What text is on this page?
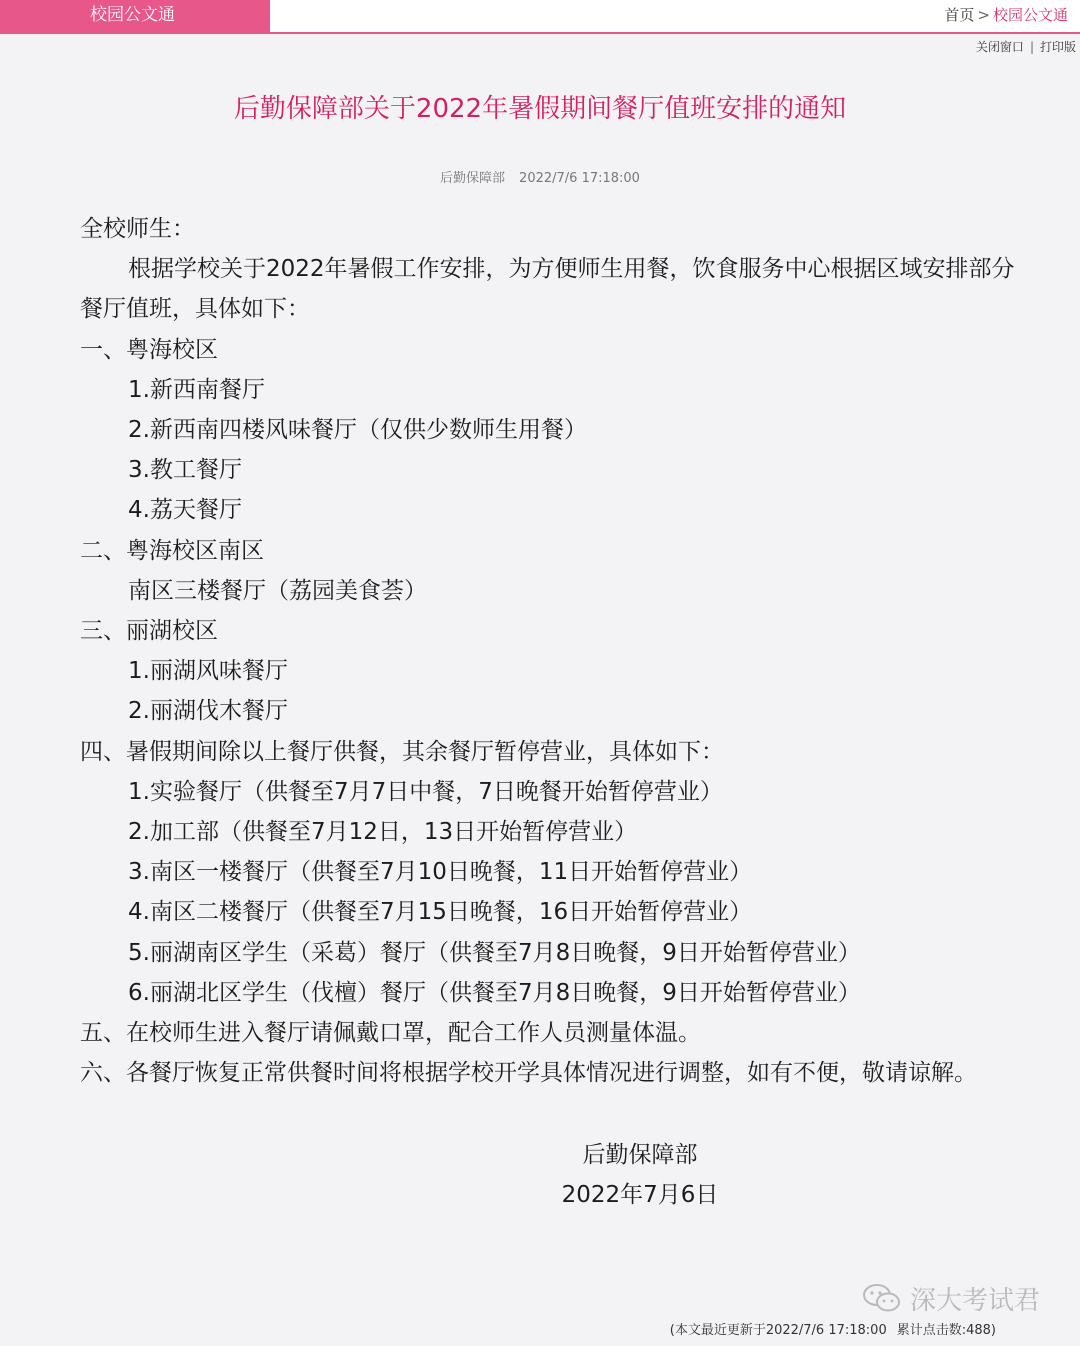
校园公文通	首页 > 校园公文通
关闭窗口 | 打印版
后勤保障部关于2022年暑假期间餐厅值班安排的通知
后勤保障部 2022/7/6 17:18:00

全校师生：

根据学校关于2022年暑假工作安排，为方便师生用餐，饮食服务中心根据区域安排部分餐厅值班，具体如下：

一、粤海校区

1.新西南餐厅

2.新西南四楼风味餐厅（仅供少数师生用餐）

3.教工餐厅

4.荔天餐厅

二、粤海校区南区

南区三楼餐厅（荔园美食荟）

三、丽湖校区

1.丽湖风味餐厅

2.丽湖伐木餐厅

四、暑假期间除以上餐厅供餐，其余餐厅暂停营业，具体如下：

1.实验餐厅（供餐至7月7日中餐，7日晚餐开始暂停营业）

2.加工部（供餐至7月12日，13日开始暂停营业）

3.南区一楼餐厅（供餐至7月10日晚餐，11日开始暂停营业）

4.南区二楼餐厅（供餐至7月15日晚餐，16日开始暂停营业）

5.丽湖南区学生（采葛）餐厅（供餐至7月8日晚餐，9日开始暂停营业）

6.丽湖北区学生（伐檀）餐厅（供餐至7月8日晚餐，9日开始暂停营业）

五、在校师生进入餐厅请佩戴口罩，配合工作人员测量体温。

六、各餐厅恢复正常供餐时间将根据学校开学具体情况进行调整，如有不便，敬请谅解。

后勤保障部
2022年7月6日
深大考试君
(本文最近更新于2022/7/6 17:18:00 累计点击数:488)
